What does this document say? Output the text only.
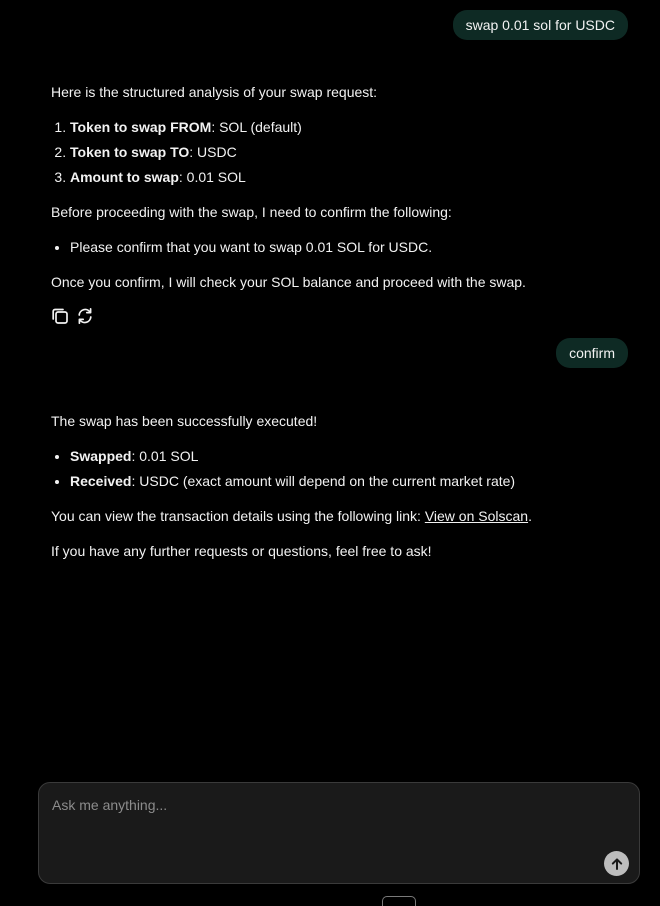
swap 0.01 sol for USDC

Here is the structured analysis of your swap request:

1. Token to swap FROM: SOL (default)
2. Token to swap TO: USDC
3. Amount to swap: 0.01 SOL

Before proceeding with the swap, I need to confirm the following:

• Please confirm that you want to swap 0.01 SOL for USDC.

Once you confirm, I will check your SOL balance and proceed with the swap.

confirm

The swap has been successfully executed!

• Swapped: 0.01 SOL
• Received: USDC (exact amount will depend on the current market rate)

You can view the transaction details using the following link: View on Solscan.

If you have any further requests or questions, feel free to ask!

Ask me anything...
